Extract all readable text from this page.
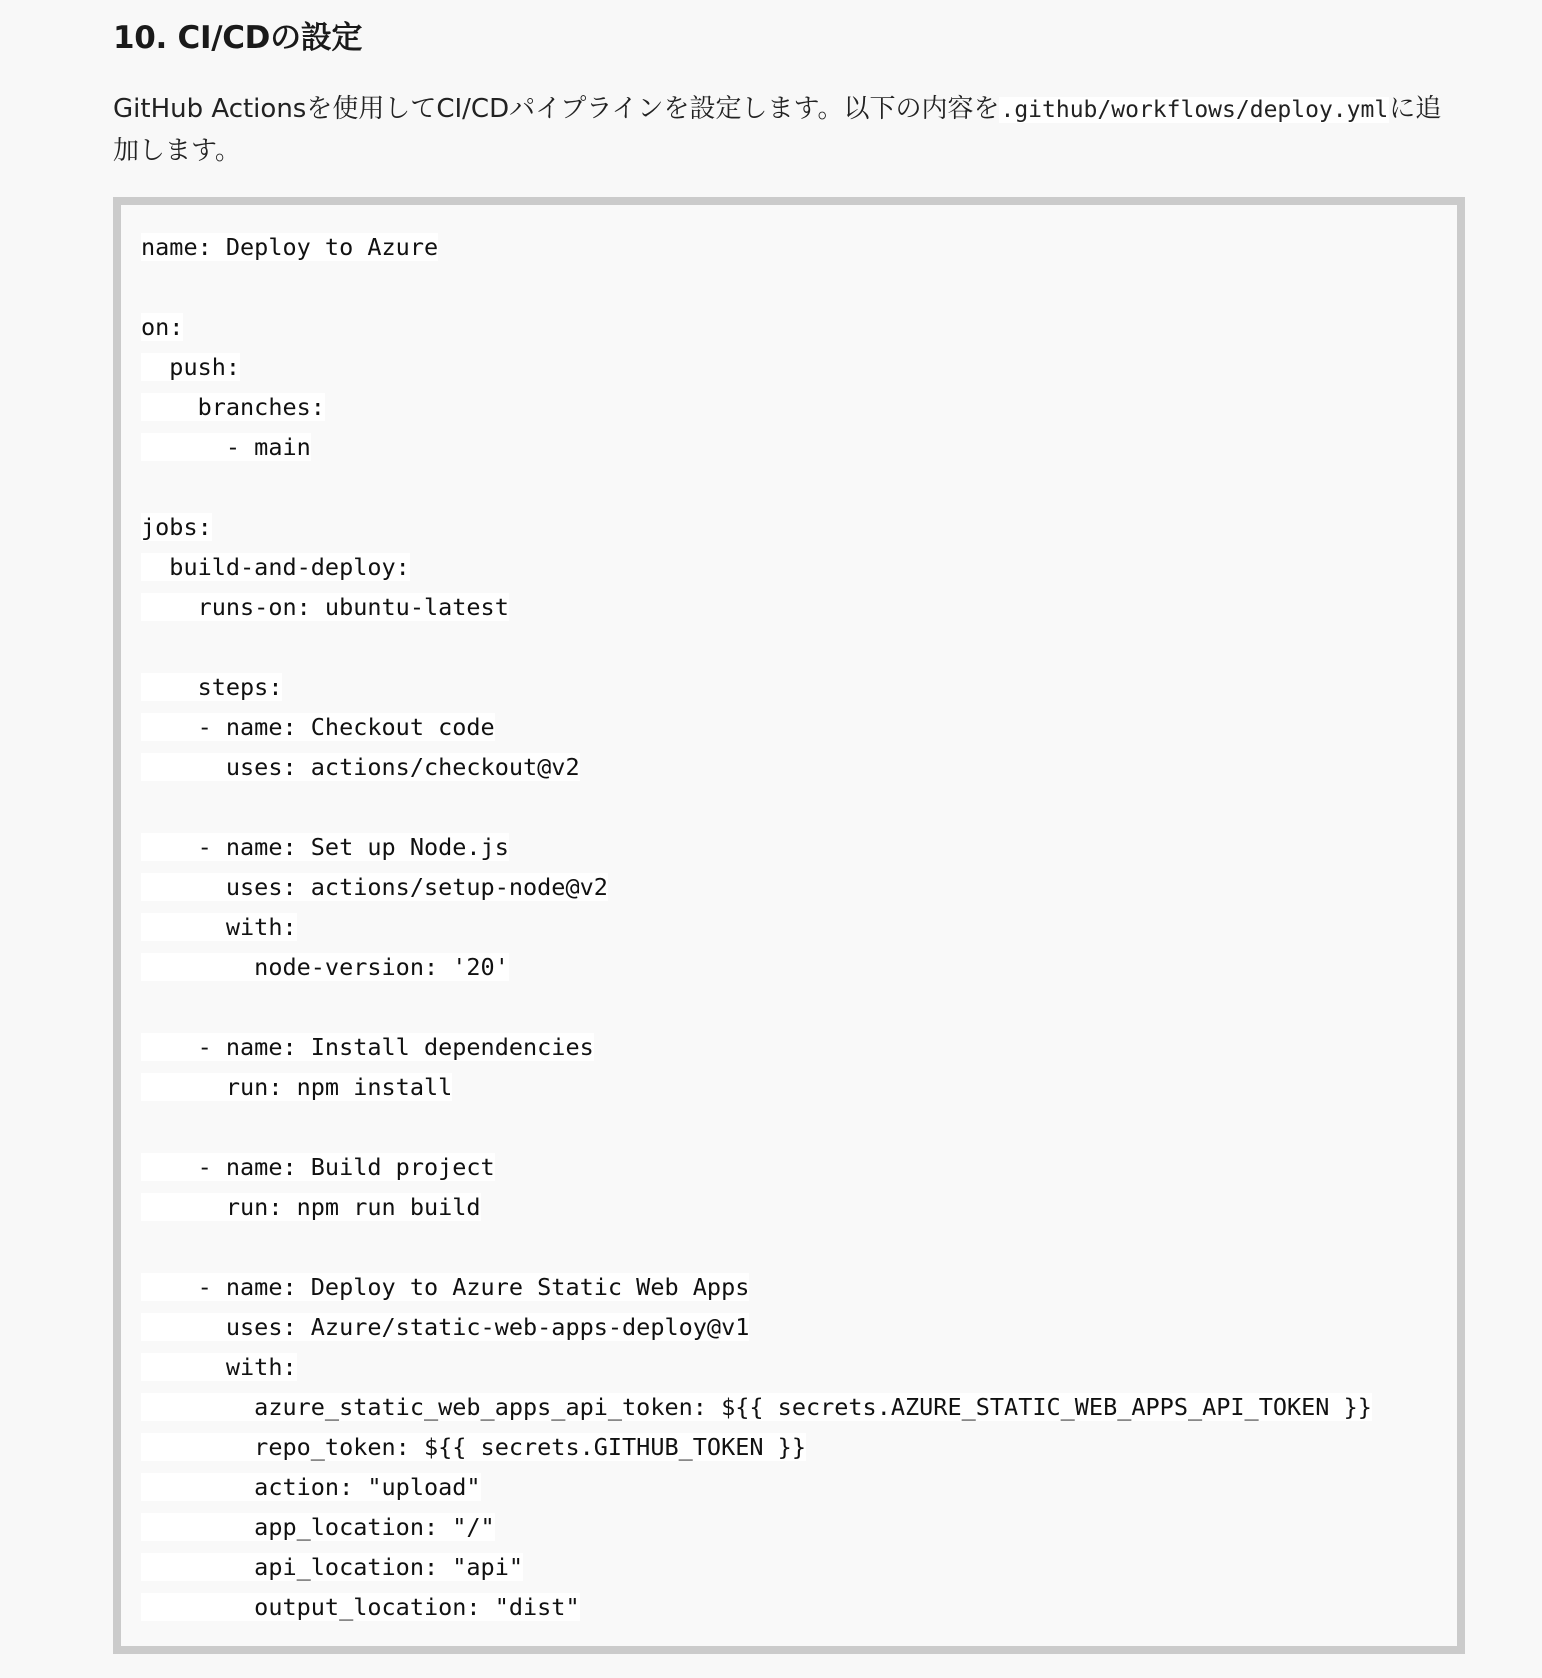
10. CI/CDの設定

GitHub Actionsを使用してCI/CDパイプラインを設定します。以下の内容を.github/workflows/deploy.ymlに追加します。

name: Deploy to Azure
on:
push:
branches:
- main
jobs:
build-and-deploy:
runs-on: ubuntu-latest
steps:
- name: Checkout code
uses: actions/checkout@v2
- name: Set up Node.js
uses: actions/setup-node@v2
with:
node-version: '20'
- name: Install dependencies
run: npm install
- name: Build project
run: npm run build
- name: Deploy to Azure Static Web Apps
uses: Azure/static-web-apps-deploy@v1
with:
azure_static_web_apps_api_token: ${{ secrets.AZURE_STATIC_WEB_APPS_API_TOKEN }}
repo_token: ${{ secrets.GITHUB_TOKEN }}
action: "upload"
app_location: "/"
api_location: "api"
output_location: "dist"
